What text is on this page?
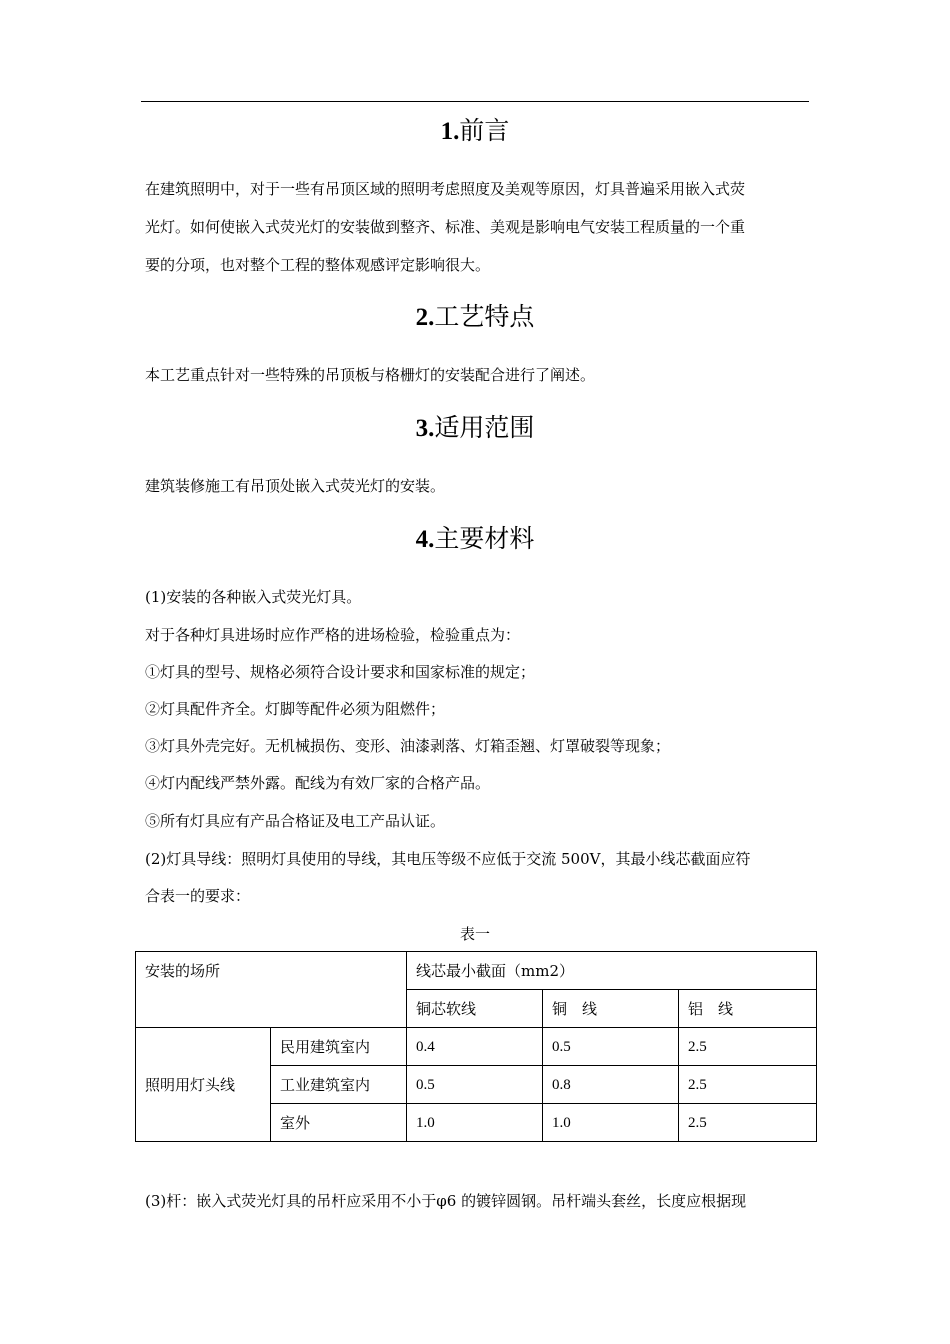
1.前言
在建筑照明中，对于一些有吊顶区域的照明考虑照度及美观等原因，灯具普遍采用嵌入式荧
光灯。如何使嵌入式荧光灯的安装做到整齐、标准、美观是影响电气安装工程质量的一个重
要的分项，也对整个工程的整体观感评定影响很大。
2.工艺特点
本工艺重点针对一些特殊的吊顶板与格栅灯的安装配合进行了阐述。
3.适用范围
建筑装修施工有吊顶处嵌入式荧光灯的安装。
4.主要材料
(1)安装的各种嵌入式荧光灯具。
对于各种灯具进场时应作严格的进场检验，检验重点为：
①灯具的型号、规格必须符合设计要求和国家标准的规定；
②灯具配件齐全。灯脚等配件必须为阻燃件；
③灯具外壳完好。无机械损伤、变形、油漆剥落、灯箱歪翘、灯罩破裂等现象；
④灯内配线严禁外露。配线为有效厂家的合格产品。
⑤所有灯具应有产品合格证及电工产品认证。
(2)灯具导线：照明灯具使用的导线，其电压等级不应低于交流 500V，其最小线芯截面应符
合表一的要求：
表一
安装的场所		线芯最小截面（mm2）		
		铜芯软线	铜　线	铝　线
照明用灯头线	民用建筑室内	0.4	0.5	2.5
	工业建筑室内	0.5	0.8	2.5
	室外	1.0	1.0	2.5
(3)杆：嵌入式荧光灯具的吊杆应采用不小于φ6 的镀锌圆钢。吊杆端头套丝，长度应根据现
